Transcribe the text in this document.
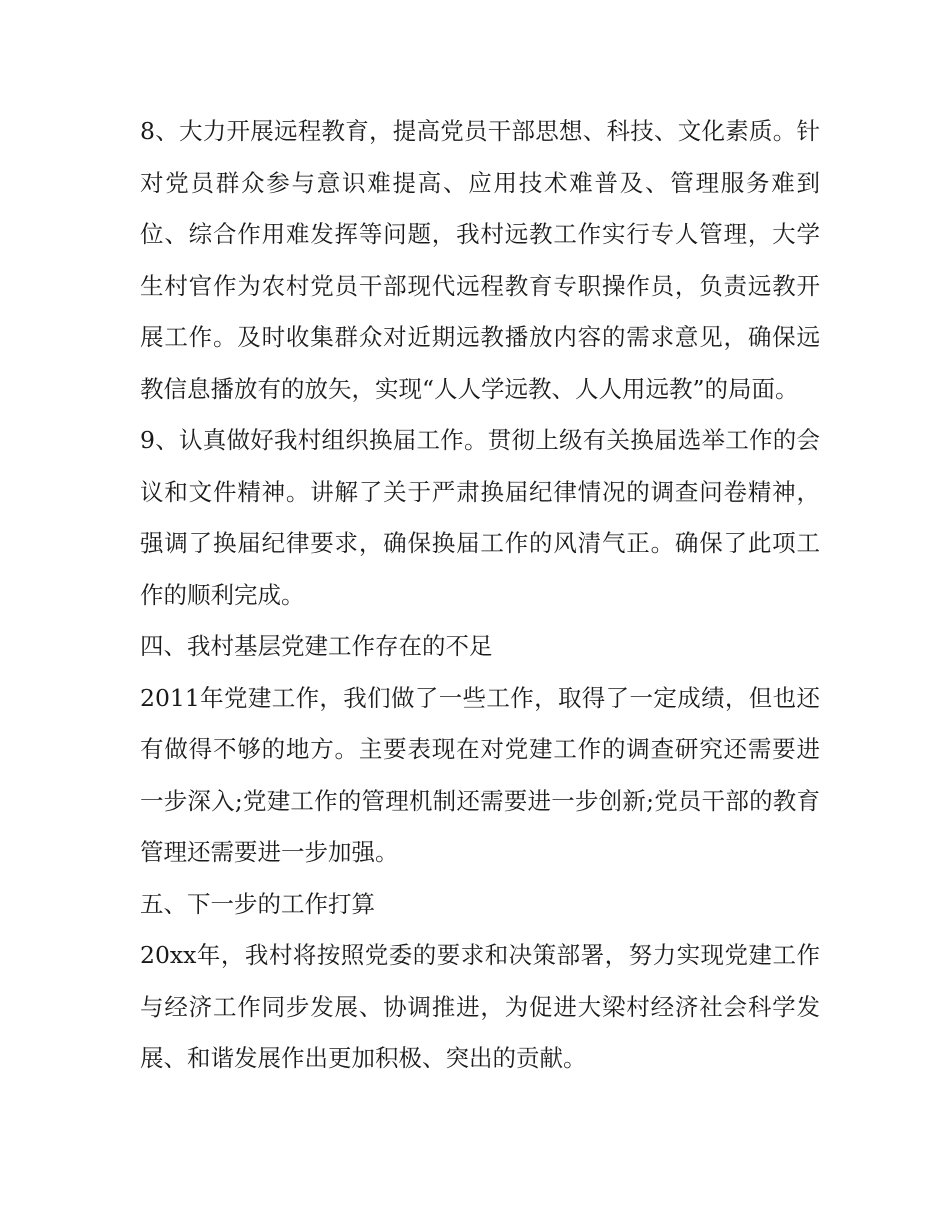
8、大力开展远程教育，提高党员干部思想、科技、文化素质。针对党员群众参与意识难提高、应用技术难普及、管理服务难到位、综合作用难发挥等问题，我村远教工作实行专人管理，大学生村官作为农村党员干部现代远程教育专职操作员，负责远教开展工作。及时收集群众对近期远教播放内容的需求意见，确保远教信息播放有的放矢，实现“人人学远教、人人用远教”的局面。

9、认真做好我村组织换届工作。贯彻上级有关换届选举工作的会议和文件精神。讲解了关于严肃换届纪律情况的调查问卷精神，强调了换届纪律要求，确保换届工作的风清气正。确保了此项工作的顺利完成。

四、我村基层党建工作存在的不足

2011年党建工作，我们做了一些工作，取得了一定成绩，但也还有做得不够的地方。主要表现在对党建工作的调查研究还需要进一步深入;党建工作的管理机制还需要进一步创新;党员干部的教育管理还需要进一步加强。

五、下一步的工作打算

20xx年，我村将按照党委的要求和决策部署，努力实现党建工作与经济工作同步发展、协调推进，为促进大梁村经济社会科学发展、和谐发展作出更加积极、突出的贡献。
